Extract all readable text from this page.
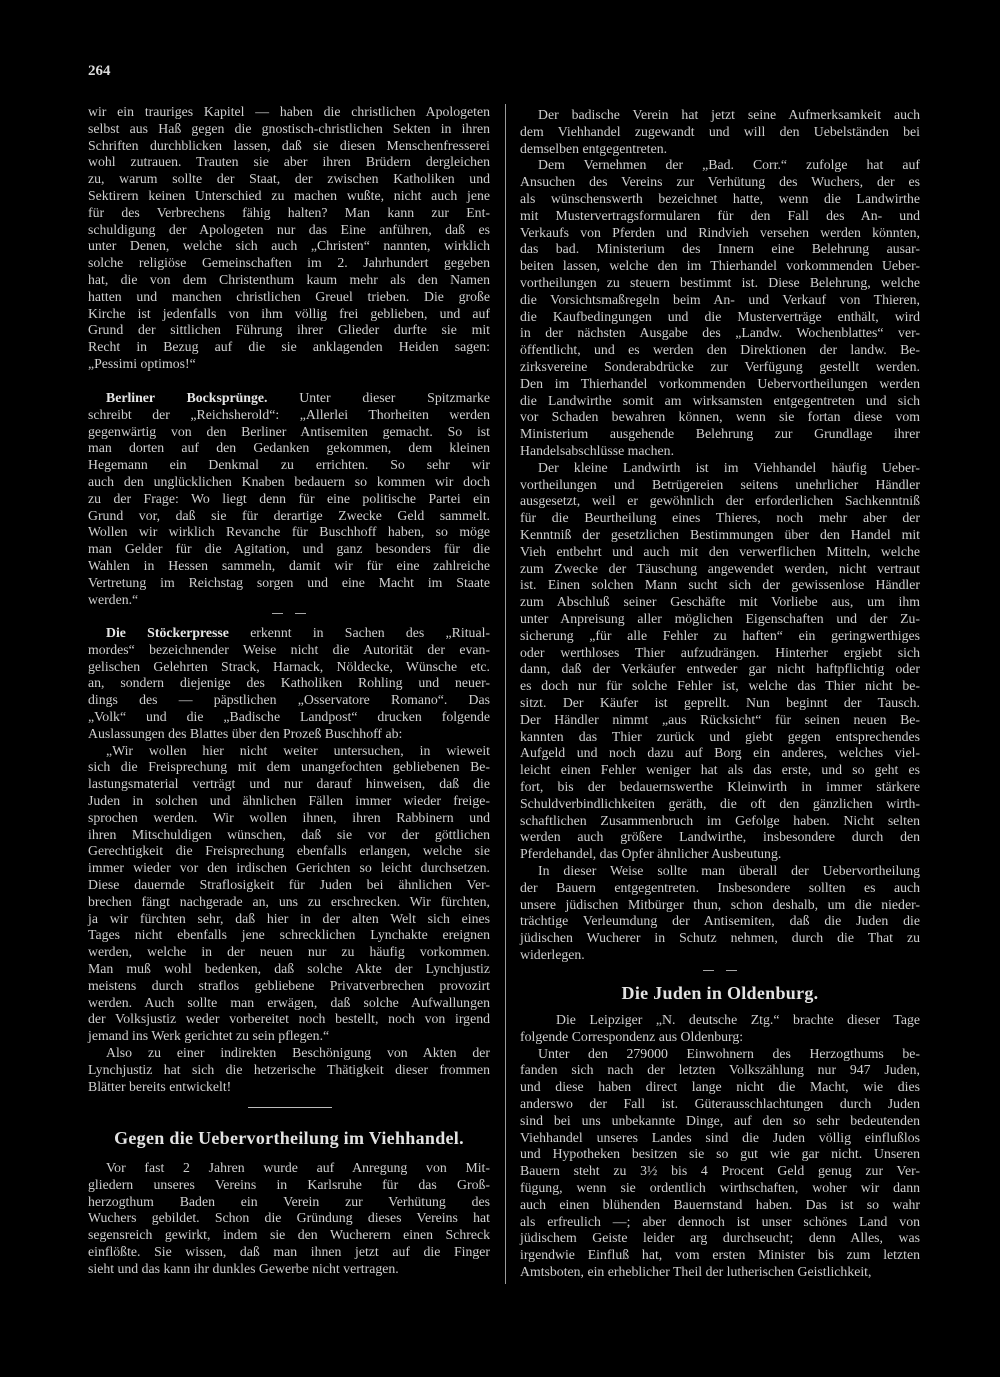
264
wir ein trauriges Kapitel — haben die christlichen Apologeten
selbst aus Haß gegen die gnostisch-christlichen Sekten in ihren
Schriften durchblicken lassen, daß sie diesen Menschenfresserei
wohl zutrauen. Trauten sie aber ihren Brüdern dergleichen
zu, warum sollte der Staat, der zwischen Katholiken und
Sektirern keinen Unterschied zu machen wußte, nicht auch jene
für des Verbrechens fähig halten? Man kann zur Ent-
schuldigung der Apologeten nur das Eine anführen, daß es
unter Denen, welche sich auch „Christen“ nannten, wirklich
solche religiöse Gemeinschaften im 2. Jahrhundert gegeben
hat, die von dem Christenthum kaum mehr als den Namen
hatten und manchen christlichen Greuel trieben. Die große
Kirche ist jedenfalls von ihm völlig frei geblieben, und auf
Grund der sittlichen Führung ihrer Glieder durfte sie mit
Recht in Bezug auf die sie anklagenden Heiden sagen:
„Pessimi optimos!“
Berliner Bocksprünge. Unter dieser Spitzmarke
schreibt der „Reichsherold“: „Allerlei Thorheiten werden
gegenwärtig von den Berliner Antisemiten gemacht. So ist
man dorten auf den Gedanken gekommen, dem kleinen
Hegemann ein Denkmal zu errichten. So sehr wir
auch den unglücklichen Knaben bedauern so kommen wir doch
zu der Frage: Wo liegt denn für eine politische Partei ein
Grund vor, daß sie für derartige Zwecke Geld sammelt.
Wollen wir wirklich Revanche für Buschhoff haben, so möge
man Gelder für die Agitation, und ganz besonders für die
Wahlen in Hessen sammeln, damit wir für eine zahlreiche
Vertretung im Reichstag sorgen und eine Macht im Staate
werden.“
Die Stöckerpresse erkennt in Sachen des „Ritual-
mordes“ bezeichnender Weise nicht die Autorität der evan-
gelischen Gelehrten Strack, Harnack, Nöldecke, Wünsche etc.
an, sondern diejenige des Katholiken Rohling und neuer-
dings des — päpstlichen „Osservatore Romano“. Das
„Volk“ und die „Badische Landpost“ drucken folgende
Auslassungen des Blattes über den Prozeß Buschhoff ab:
„Wir wollen hier nicht weiter untersuchen, in wieweit
sich die Freisprechung mit dem unangefochten gebliebenen Be-
lastungsmaterial verträgt und nur darauf hinweisen, daß die
Juden in solchen und ähnlichen Fällen immer wieder freige-
sprochen werden. Wir wollen ihnen, ihren Rabbinern und
ihren Mitschuldigen wünschen, daß sie vor der göttlichen
Gerechtigkeit die Freisprechung ebenfalls erlangen, welche sie
immer wieder vor den irdischen Gerichten so leicht durchsetzen.
Diese dauernde Straflosigkeit für Juden bei ähnlichen Ver-
brechen fängt nachgerade an, uns zu erschrecken. Wir fürchten,
ja wir fürchten sehr, daß hier in der alten Welt sich eines
Tages nicht ebenfalls jene schrecklichen Lynchakte ereignen
werden, welche in der neuen nur zu häufig vorkommen.
Man muß wohl bedenken, daß solche Akte der Lynchjustiz
meistens durch straflos gebliebene Privatverbrechen provozirt
werden. Auch sollte man erwägen, daß solche Aufwallungen
der Volksjustiz weder vorbereitet noch bestellt, noch von irgend
jemand ins Werk gerichtet zu sein pflegen.“
Also zu einer indirekten Beschönigung von Akten der
Lynchjustiz hat sich die hetzerische Thätigkeit dieser frommen
Blätter bereits entwickelt!
Gegen die Uebervortheilung im Viehhandel.
Vor fast 2 Jahren wurde auf Anregung von Mit-
gliedern unseres Vereins in Karlsruhe für das Groß-
herzogthum Baden ein Verein zur Verhütung des
Wuchers gebildet. Schon die Gründung dieses Vereins hat
segensreich gewirkt, indem sie den Wucherern einen Schreck
einflößte. Sie wissen, daß man ihnen jetzt auf die Finger
sieht und das kann ihr dunkles Gewerbe nicht vertragen.
Der badische Verein hat jetzt seine Aufmerksamkeit auch
dem Viehhandel zugewandt und will den Uebelständen bei
demselben entgegentreten.
Dem Vernehmen der „Bad. Corr.“ zufolge hat auf
Ansuchen des Vereins zur Verhütung des Wuchers, der es
als wünschenswerth bezeichnet hatte, wenn die Landwirthe
mit Mustervertragsformularen für den Fall des An- und
Verkaufs von Pferden und Rindvieh versehen werden könnten,
das bad. Ministerium des Innern eine Belehrung ausar-
beiten lassen, welche den im Thierhandel vorkommenden Ueber-
vortheilungen zu steuern bestimmt ist. Diese Belehrung, welche
die Vorsichtsmaßregeln beim An- und Verkauf von Thieren,
die Kaufbedingungen und die Musterverträge enthält, wird
in der nächsten Ausgabe des „Landw. Wochenblattes“ ver-
öffentlicht, und es werden den Direktionen der landw. Be-
zirksvereine Sonderabdrücke zur Verfügung gestellt werden.
Den im Thierhandel vorkommenden Uebervortheilungen werden
die Landwirthe somit am wirksamsten entgegentreten und sich
vor Schaden bewahren können, wenn sie fortan diese vom
Ministerium ausgehende Belehrung zur Grundlage ihrer
Handelsabschlüsse machen.
Der kleine Landwirth ist im Viehhandel häufig Ueber-
vortheilungen und Betrügereien seitens unehrlicher Händler
ausgesetzt, weil er gewöhnlich der erforderlichen Sachkenntniß
für die Beurtheilung eines Thieres, noch mehr aber der
Kenntniß der gesetzlichen Bestimmungen über den Handel mit
Vieh entbehrt und auch mit den verwerflichen Mitteln, welche
zum Zwecke der Täuschung angewendet werden, nicht vertraut
ist. Einen solchen Mann sucht sich der gewissenlose Händler
zum Abschluß seiner Geschäfte mit Vorliebe aus, um ihm
unter Anpreisung aller möglichen Eigenschaften und der Zu-
sicherung „für alle Fehler zu haften“ ein geringwerthiges
oder werthloses Thier aufzudrängen. Hinterher ergiebt sich
dann, daß der Verkäufer entweder gar nicht haftpflichtig oder
es doch nur für solche Fehler ist, welche das Thier nicht be-
sitzt. Der Käufer ist geprellt. Nun beginnt der Tausch.
Der Händler nimmt „aus Rücksicht“ für seinen neuen Be-
kannten das Thier zurück und giebt gegen entsprechendes
Aufgeld und noch dazu auf Borg ein anderes, welches viel-
leicht einen Fehler weniger hat als das erste, und so geht es
fort, bis der bedauernswerthe Kleinwirth in immer stärkere
Schuldverbindlichkeiten geräth, die oft den gänzlichen wirth-
schaftlichen Zusammenbruch im Gefolge haben. Nicht selten
werden auch größere Landwirthe, insbesondere durch den
Pferdehandel, das Opfer ähnlicher Ausbeutung.
In dieser Weise sollte man überall der Uebervortheilung
der Bauern entgegentreten. Insbesondere sollten es auch
unsere jüdischen Mitbürger thun, schon deshalb, um die nieder-
trächtige Verleumdung der Antisemiten, daß die Juden die
jüdischen Wucherer in Schutz nehmen, durch die That zu
widerlegen.
Die Juden in Oldenburg.
Die Leipziger „N. deutsche Ztg.“ brachte dieser Tage
folgende Correspondenz aus Oldenburg:
Unter den 279000 Einwohnern des Herzogthums be-
fanden sich nach der letzten Volkszählung nur 947 Juden,
und diese haben direct lange nicht die Macht, wie dies
anderswo der Fall ist. Güterausschlachtungen durch Juden
sind bei uns unbekannte Dinge, auf den so sehr bedeutenden
Viehhandel unseres Landes sind die Juden völlig einflußlos
und Hypotheken besitzen sie so gut wie gar nicht. Unseren
Bauern steht zu 3½ bis 4 Procent Geld genug zur Ver-
fügung, wenn sie ordentlich wirthschaften, woher wir dann
auch einen blühenden Bauernstand haben. Das ist so wahr
als erfreulich —; aber dennoch ist unser schönes Land von
jüdischem Geiste leider arg durchseucht; denn Alles, was
irgendwie Einfluß hat, vom ersten Minister bis zum letzten
Amtsboten, ein erheblicher Theil der lutherischen Geistlichkeit,
